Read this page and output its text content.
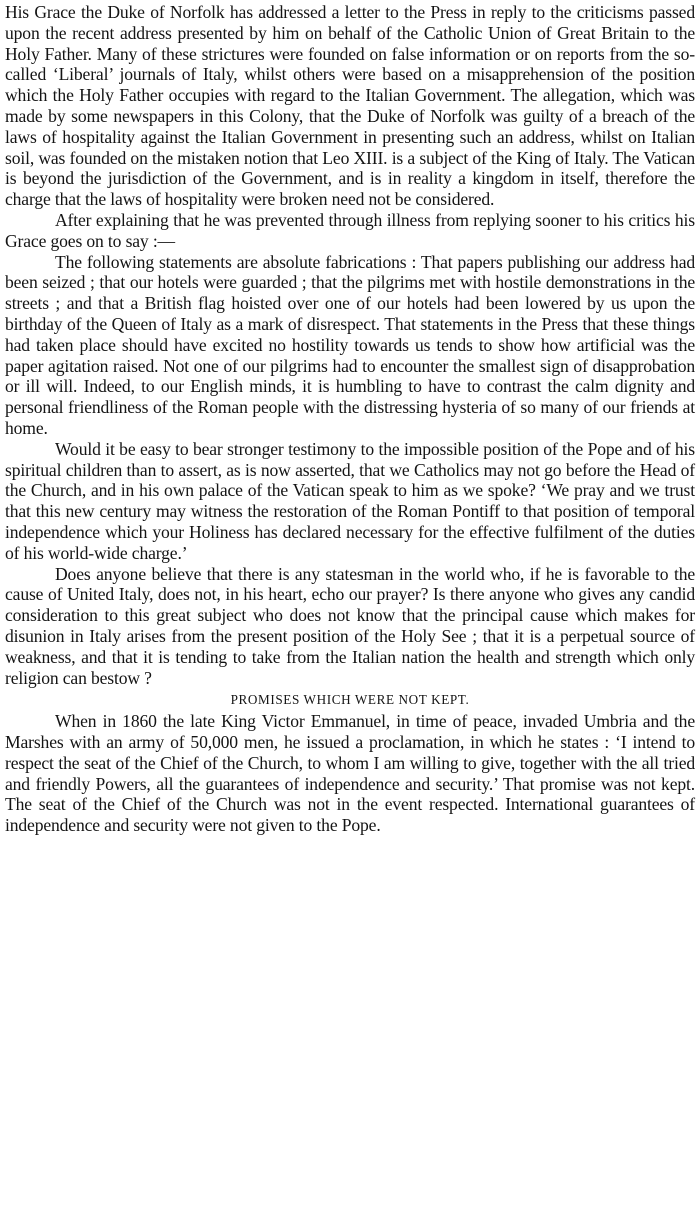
His Grace the Duke of Norfolk has addressed a letter to the Press in reply to the criticisms passed upon the recent address presented by him on behalf of the Catholic Union of Great Britain to the Holy Father. Many of these strictures were founded on false information or on reports from the so-called ‘Liberal’ journals of Italy, whilst others were based on a misapprehension of the position which the Holy Father occupies with regard to the Italian Government. The allegation, which was made by some newspapers in this Colony, that the Duke of Norfolk was guilty of a breach of the laws of hospitality against the Italian Government in presenting such an address, whilst on Italian soil, was founded on the mistaken notion that Leo XIII. is a subject of the King of Italy. The Vatican is beyond the jurisdiction of the Government, and is in reality a kingdom in itself, therefore the charge that the laws of hospitality were broken need not be considered.

After explaining that he was prevented through illness from replying sooner to his critics his Grace goes on to say :—

The following statements are absolute fabrications : That papers publishing our address had been seized ; that our hotels were guarded ; that the pilgrims met with hostile demonstrations in the streets ; and that a British flag hoisted over one of our hotels had been lowered by us upon the birthday of the Queen of Italy as a mark of disrespect. That statements in the Press that these things had taken place should have excited no hostility towards us tends to show how artificial was the paper agitation raised. Not one of our pilgrims had to encounter the smallest sign of disapprobation or ill will. Indeed, to our English minds, it is humbling to have to contrast the calm dignity and personal friendliness of the Roman people with the distressing hysteria of so many of our friends at home.

Would it be easy to bear stronger testimony to the impossible position of the Pope and of his spiritual children than to assert, as is now asserted, that we Catholics may not go before the Head of the Church, and in his own palace of the Vatican speak to him as we spoke? ‘We pray and we trust that this new century may witness the restoration of the Roman Pontiff to that position of temporal independence which your Holiness has declared necessary for the effective fulfilment of the duties of his world-wide charge.’

Does anyone believe that there is any statesman in the world who, if he is favorable to the cause of United Italy, does not, in his heart, echo our prayer? Is there anyone who gives any candid consideration to this great subject who does not know that the principal cause which makes for disunion in Italy arises from the present position of the Holy See ; that it is a perpetual source of weakness, and that it is tending to take from the Italian nation the health and strength which only religion can bestow ?

PROMISES WHICH WERE NOT KEPT.

When in 1860 the late King Victor Emmanuel, in time of peace, invaded Umbria and the Marshes with an army of 50,000 men, he issued a proclamation, in which he states : ‘I intend to respect the seat of the Chief of the Church, to whom I am willing to give, together with the all tried and friendly Powers, all the guarantees of independence and security.’ That promise was not kept. The seat of the Chief of the Church was not in the event respected. International guarantees of independence and security were not given to the Pope.
